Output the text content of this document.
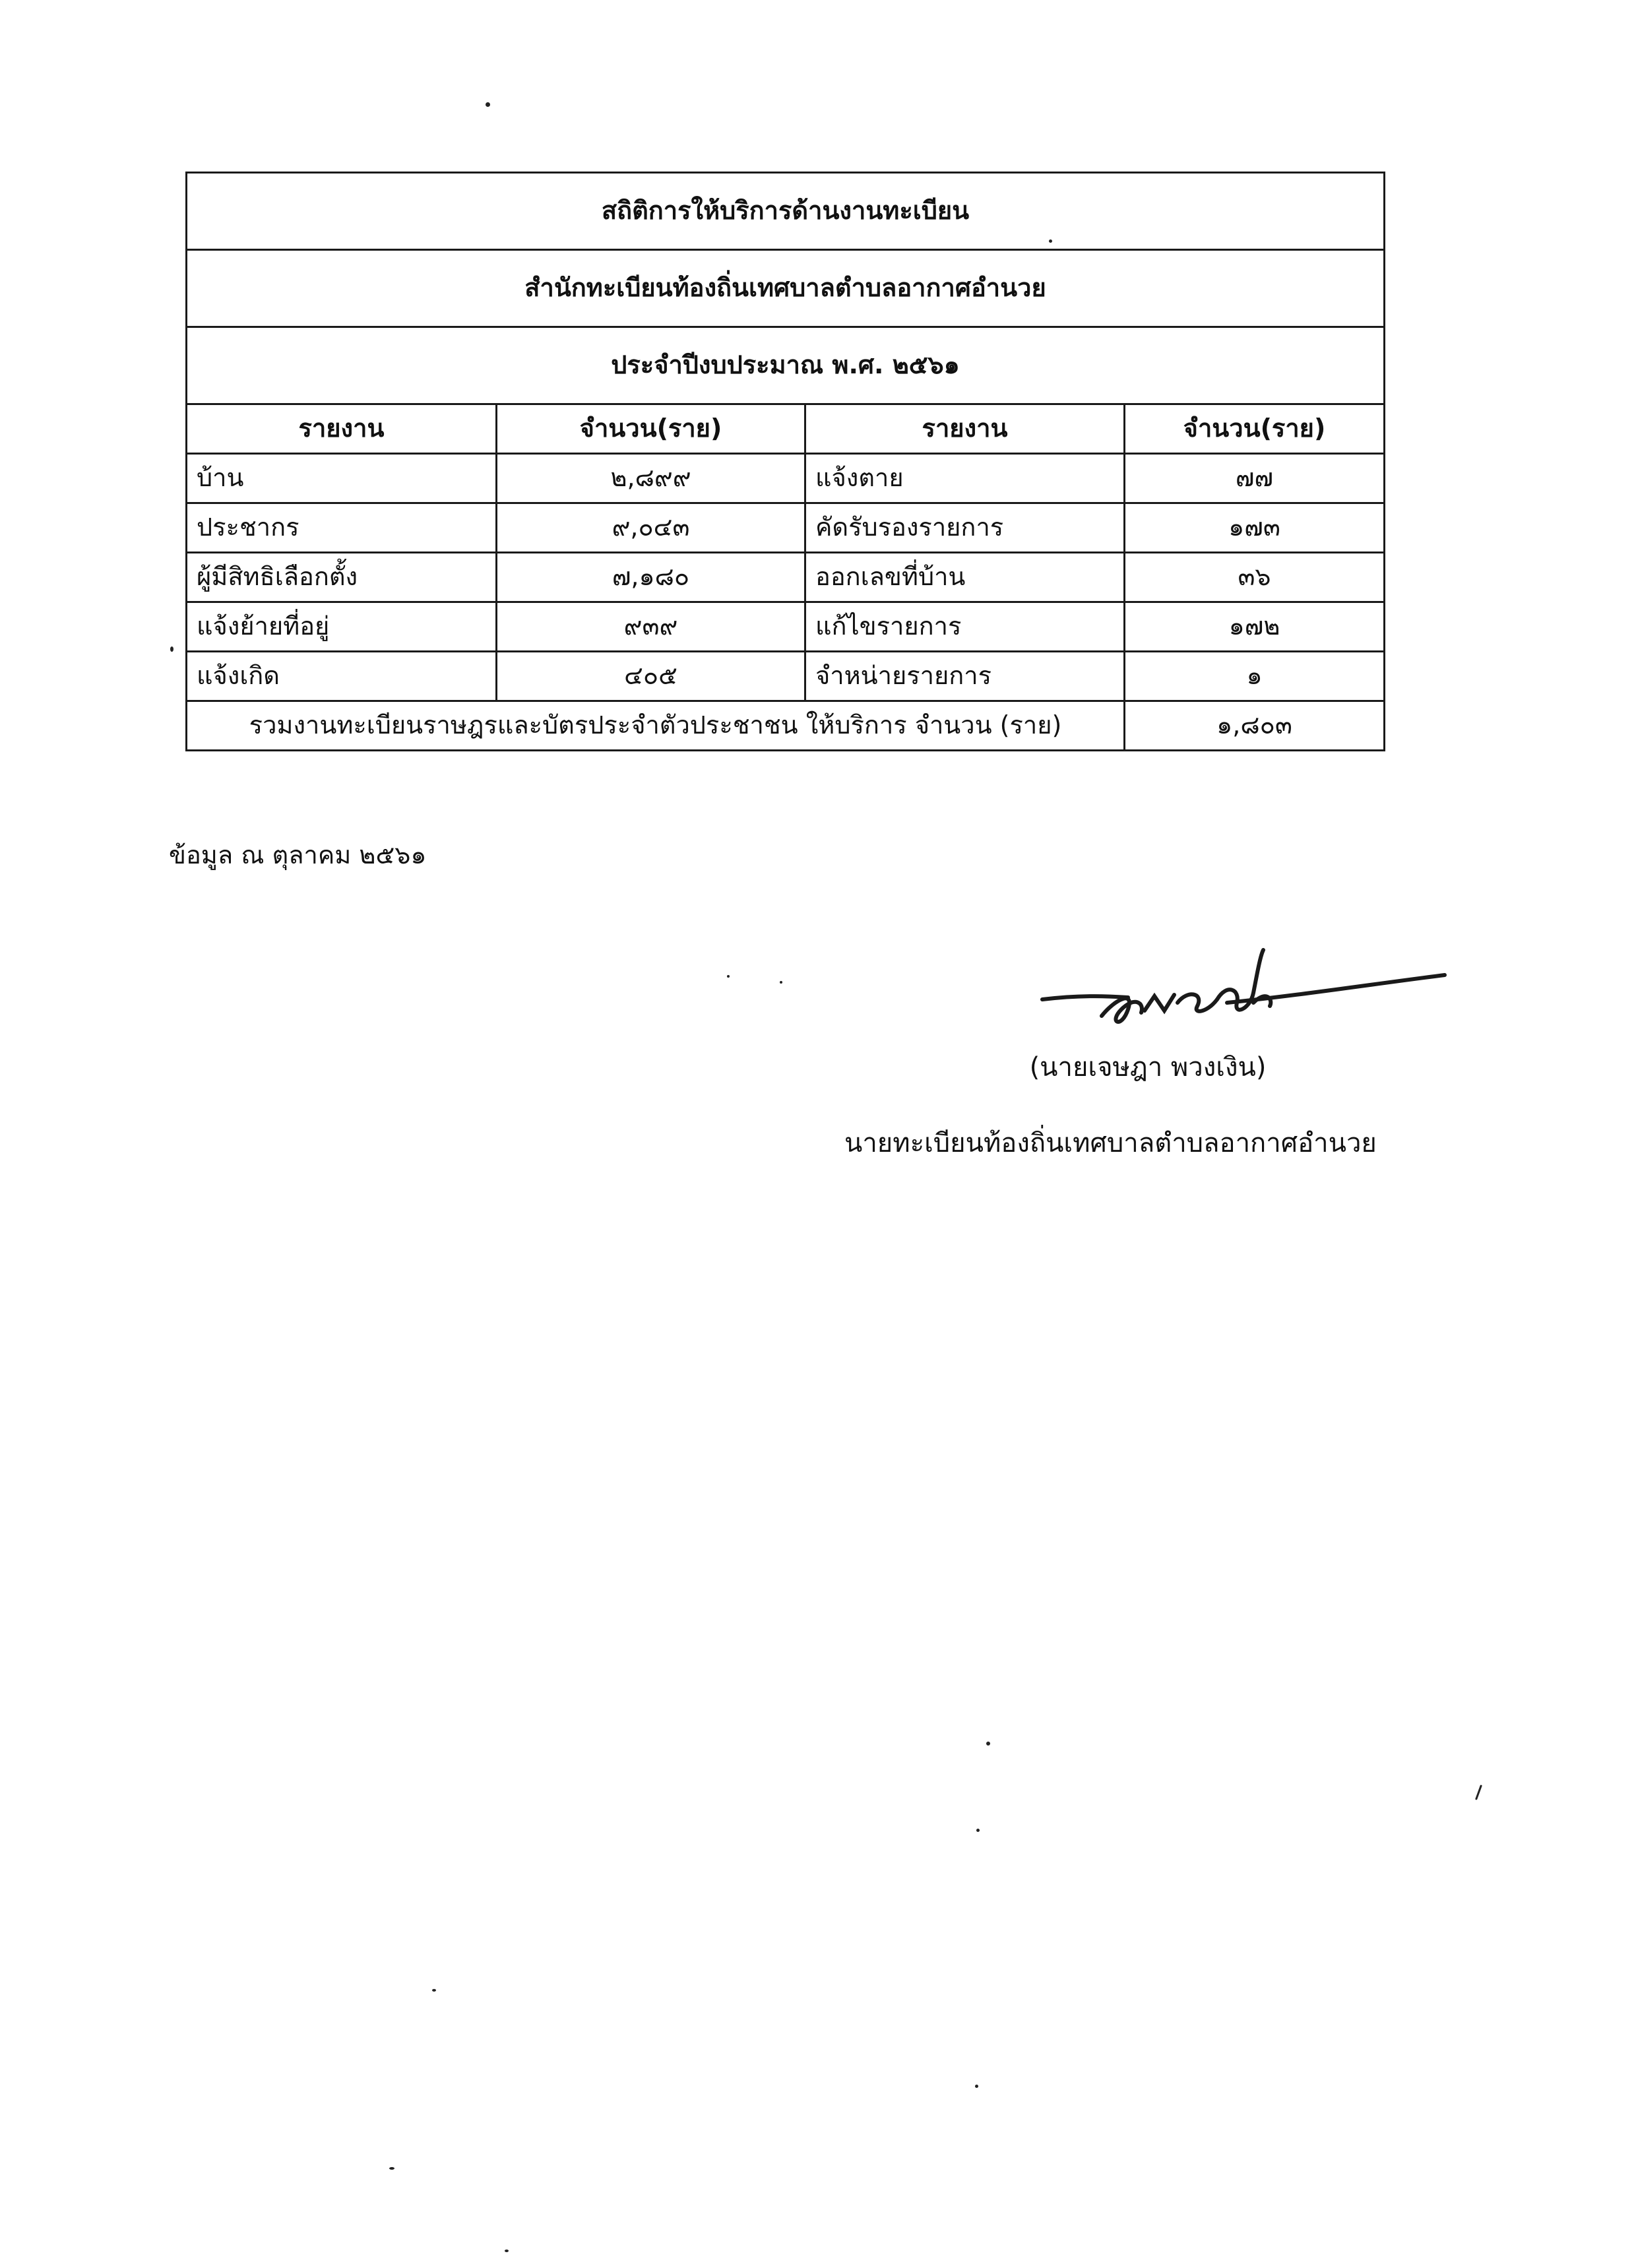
สถิติการให้บริการด้านงานทะเบียน			
สำนักทะเบียนท้องถิ่นเทศบาลตำบลอากาศอำนวย			
ประจำปีงบประมาณ พ.ศ. ๒๕๖๑			
รายงาน	จำนวน(ราย)	รายงาน	จำนวน(ราย)
บ้าน	๒,๘๙๙	แจ้งตาย	๗๗
ประชากร	๙,๐๔๓	คัดรับรองรายการ	๑๗๓
ผู้มีสิทธิเลือกตั้ง	๗,๑๘๐	ออกเลขที่บ้าน	๓๖
แจ้งย้ายที่อยู่	๙๓๙	แก้ไขรายการ	๑๗๒
แจ้งเกิด	๔๐๕	จำหน่ายรายการ	๑
รวมงานทะเบียนราษฎรและบัตรประจำตัวประชาชน ให้บริการ จำนวน (ราย)			๑,๘๐๓
ข้อมูล ณ ตุลาคม ๒๕๖๑
(นายเจษฎา พวงเงิน)
นายทะเบียนท้องถิ่นเทศบาลตำบลอากาศอำนวย
